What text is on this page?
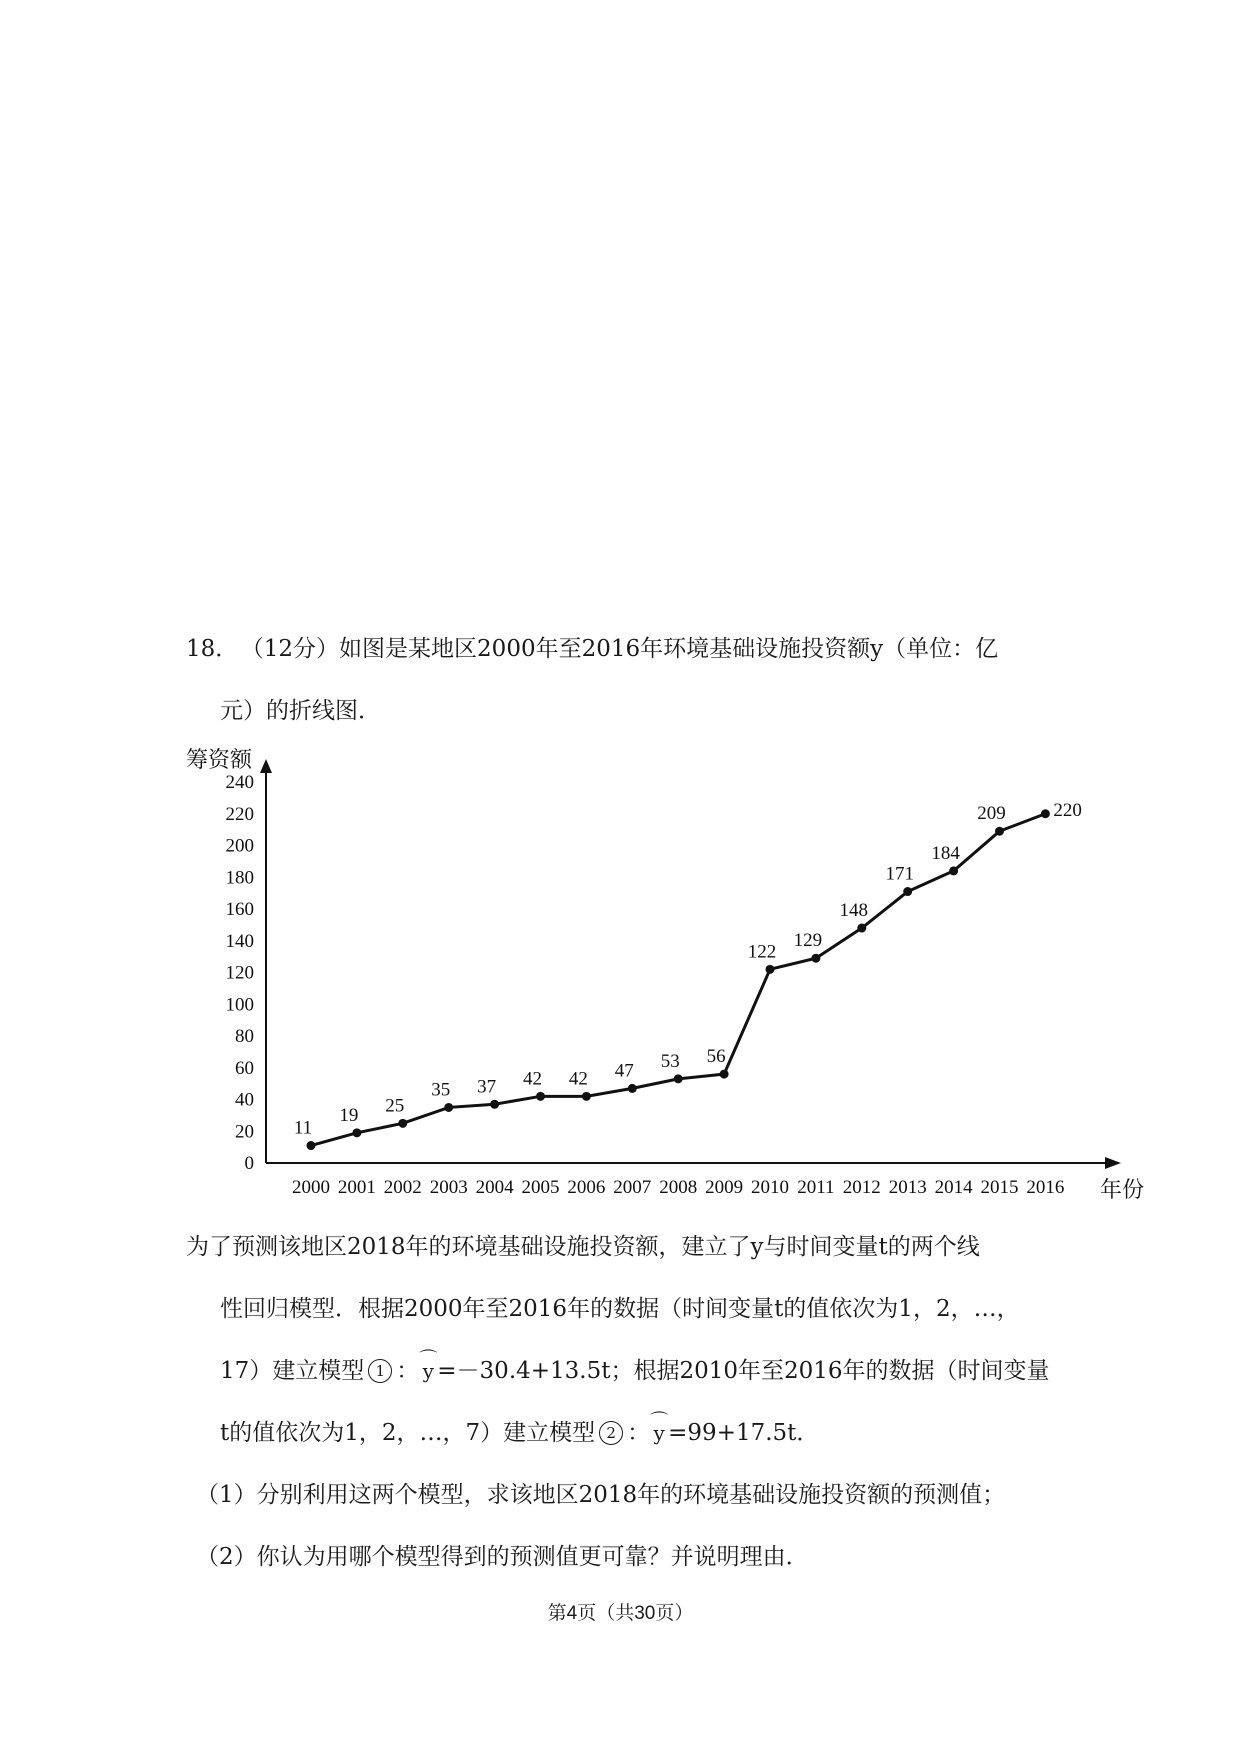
18． （12分）如图是某地区2000年至2016年环境基础设施投资额y（单位：亿
元）的折线图．
0
20
40
60
80
100
120
140
160
180
200
220
240
2000 2001 2002 2003 2004 2005 2006 2007 2008 2009 2010 2011 2012 2013 2014 2015 2016
11
19 25
35 37 42 42 47 53 56
122
129
148
171
184
209	220
筹资额
年份
为了预测该地区2018年的环境基础设施投资额，建立了y与时间变量t的两个线
性回归模型．根据2000年至2016年的数据（时间变量t的值依次为1，2，…，
17）建立模型 1 ： ⌒ y =－30.4+13.5t；根据2010年至2016年的数据（时间变量
t的值依次为1，2，…，7）建立模型 2 ： ⌒ y =99+17.5t．
（1）分别利用这两个模型，求该地区2018年的环境基础设施投资额的预测值；
（2）你认为用哪个模型得到的预测值更可靠？并说明理由．
第4页（共30页）
